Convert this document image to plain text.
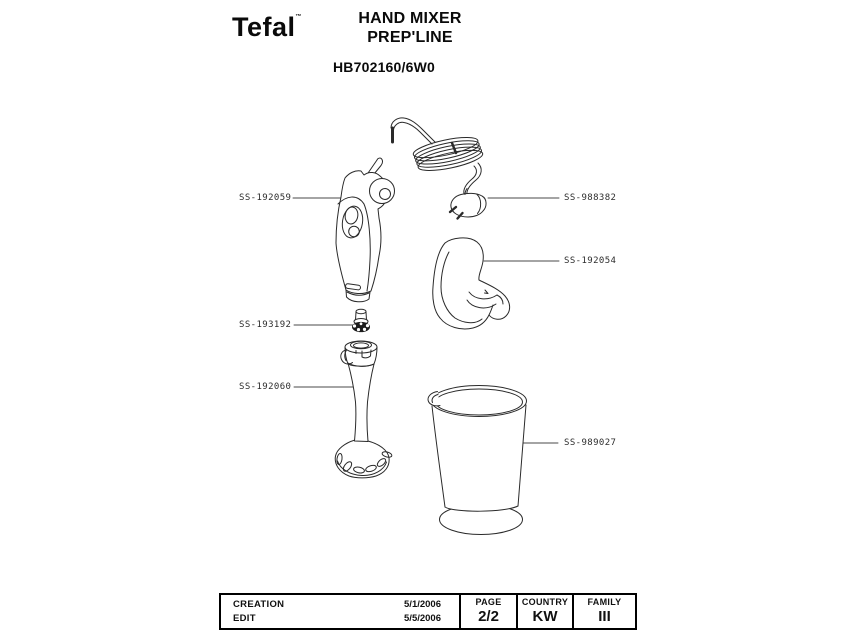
Tefal™	HAND MIXER
PREP'LINE
HB702160/6W0
SS-192059	SS-988382
SS-192054
SS-193192
SS-192060
SS-989027
CREATION	5/1/2006
EDIT	5/5/2006
PAGE
2/2
COUNTRY
KW
FAMILY
III
